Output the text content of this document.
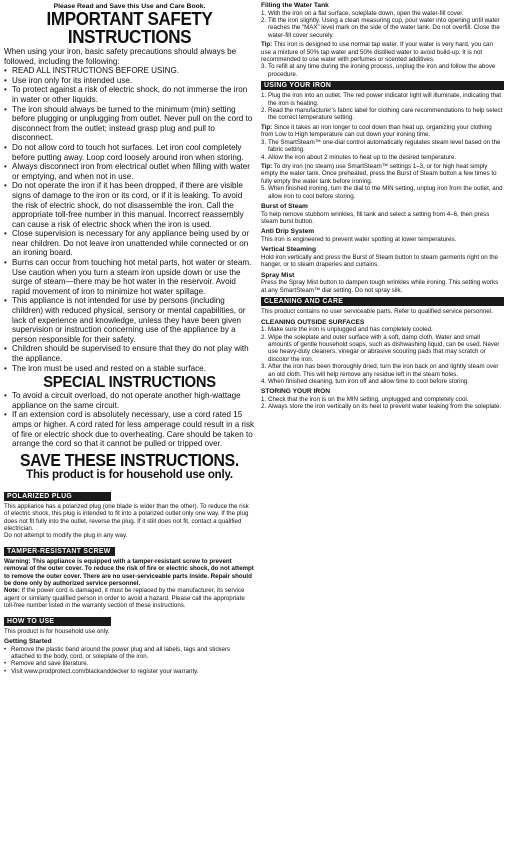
Please Read and Save this Use and Care Book.

IMPORTANT SAFETY

INSTRUCTIONS

When using your iron, basic safety precautions should always be followed, including the following:

• READ ALL INSTRUCTIONS BEFORE USING.
• Use iron only for its intended use.
• To protect against a risk of electric shock, do not immerse the iron in water or other liquids.
• The iron should always be turned to the minimum (min) setting before plugging or unplugging from outlet. Never pull on the cord to disconnect from the outlet; instead grasp plug and pull to disconnect.
• Do not allow cord to touch hot surfaces. Let iron cool completely before putting away. Loop cord loosely around iron when storing.
• Always disconnect iron from electrical outlet when filling with water or emptying, and when not in use.
• Do not operate the iron if it has been dropped, if there are visible signs of damage to the iron or its cord, or if it is leaking. To avoid the risk of electric shock, do not disassemble the iron. Call the appropriate toll-free number in this manual. Incorrect reassembly can cause a risk of electric shock when the iron is used.
• Close supervision is necessary for any appliance being used by or near children. Do not leave iron unattended while connected or on an ironing board.
• Burns can occur from touching hot metal parts, hot water or steam. Use caution when you turn a steam iron upside down or use the surge of steam—there may be hot water in the reservoir. Avoid rapid movement of iron to minimize hot water spillage.
• This appliance is not intended for use by persons (including children) with reduced physical, sensory or mental capabilities, or lack of experience and knowledge, unless they have been given supervision or instruction concerning use of the appliance by a person responsible for their safety.
• Children should be supervised to ensure that they do not play with the appliance.
• The iron must be used and rested on a stable surface.

SPECIAL INSTRUCTIONS

• To avoid a circuit overload, do not operate another high-wattage appliance on the same circuit.
• If an extension cord is absolutely necessary, use a cord rated 15 amps or higher. A cord rated for less amperage could result in a risk of fire or electric shock due to overheating. Care should be taken to arrange the cord so that it cannot be pulled or tripped over.

SAVE THESE INSTRUCTIONS.

This product is for household use only.

POLARIZED PLUG

This appliance has a polarized plug (one blade is wider than the other). To reduce the risk of electric shock, this plug is intended to fit into a polarized outlet only one way. If the plug does not fit fully into the outlet, reverse the plug. If it still does not fit, contact a qualified electrician.

Do not attempt to modify the plug in any way.

TAMPER-RESISTANT SCREW

Warning: This appliance is equipped with a tamper-resistant screw to prevent removal of the outer cover. To reduce the risk of fire or electric shock, do not attempt to remove the outer cover. There are no user-serviceable parts inside. Repair should be done only by authorized service personnel.

Note: If the power cord is damaged, it must be replaced by the manufacturer, its service agent or similarly qualified person in order to avoid a hazard. Please call the appropriate toll-free number listed in the warranty section of these instructions.

HOW TO USE

This product is for household use only.

Getting Started

• Remove the plastic band around the power plug and all labels, tags and stickers attached to the body, cord, or soleplate of the iron.
• Remove and save literature.
• Visit www.prodprotect.com/blackanddecker to register your warranty.

Filling the Water Tank

1. With the iron on a flat surface, soleplate down, open the water-fill cover.
2. Tilt the iron slightly. Using a clean measuring cup, pour water into opening until water reaches the “MAX” level mark on the side of the water tank. Do not overfill. Close the water-fill cover securely.

Tip: This iron is designed to use normal tap water. If your water is very hard, you can use a mixture of 50% tap water and 50% distilled water to avoid build-up. It is not recommended to use water with perfumes or scented additives.

3. To refill at any time during the ironing process, unplug the iron and follow the above procedure.
USING YOUR IRON
1. Plug the iron into an outlet. The red power indicator light will illuminate, indicating that the iron is heating.
2. Read the manufacturer’s fabric label for clothing care recommendations to help select the correct temperature setting.

Tip: Since it takes an iron longer to cool down than heat up, organizing your clothing from Low to High temperature can cut down your ironing time.

3. The SmartSteam™ one-dial control automatically regulates steam level based on the fabric setting.
4. Allow the iron about 2 minutes to heat up to the desired temperature.

Tip: To dry iron (no steam) use SmartSteam™ settings 1–3, or for high heat simply empty the water tank. Once preheated, press the Burst of Steam button a few times to fully empty the water tank before ironing.

5. When finished ironing, turn the dial to the MIN setting, unplug iron from the outlet, and allow iron to cool before storing.

Burst of Steam

To help remove stubborn wrinkles, fill tank and select a setting from 4–6, then press steam burst button.

Anti Drip System

This iron is engineered to prevent water spotting at lower temperatures.

Vertical Steaming

Hold iron vertically and press the Burst of Steam button to steam garments right on the hanger, or to steam draperies and curtains.

Spray Mist

Press the Spray Mist button to dampen tough wrinkles while ironing. This setting works at any SmartSteam™ dial setting. Do not spray silk.

CLEANING AND CARE

This product contains no user serviceable parts. Refer to qualified service personnel.

CLEANING OUTSIDE SURFACES

1. Make sure the iron is unplugged and has completely cooled.
2. Wipe the soleplate and outer surface with a soft, damp cloth. Water and small amounts of gentle household soaps, such as dishwashing liquid, can be used. Never use heavy-duty cleaners, vinegar or abrasive scouring pads that may scratch or discolor the iron.
3. After the iron has been thoroughly dried, turn the iron back on and lightly steam over an old cloth. This will help remove any residue left in the steam holes.
4. When finished cleaning, turn iron off and allow time to cool before storing.

STORING YOUR IRON

1. Check that the iron is on the MIN setting, unplugged and completely cool.
2. Always store the iron vertically on its heel to prevent water leaking from the soleplate.
